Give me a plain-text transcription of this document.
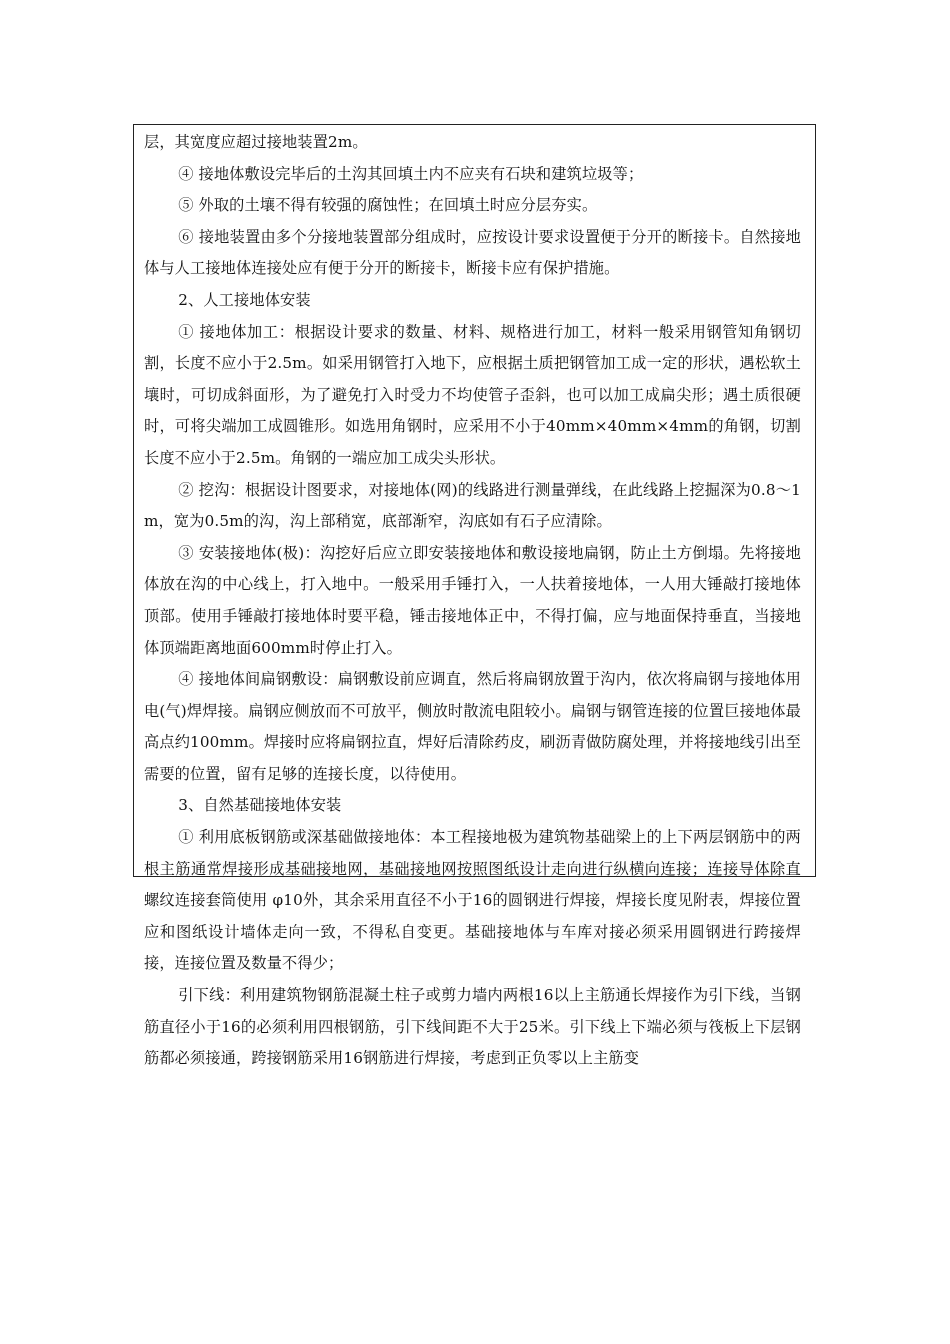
层，其宽度应超过接地装置2m。

④ 接地体敷设完毕后的土沟其回填土内不应夹有石块和建筑垃圾等；

⑤ 外取的土壤不得有较强的腐蚀性；在回填土时应分层夯实。

⑥ 接地装置由多个分接地装置部分组成时，应按设计要求设置便于分开的断接卡。自然接地体与人工接地体连接处应有便于分开的断接卡，断接卡应有保护措施。

2、人工接地体安装

① 接地体加工：根据设计要求的数量、材料、规格进行加工，材料一般采用钢管知角钢切割，长度不应小于2.5m。如采用钢管打入地下，应根据土质把钢管加工成一定的形状，遇松软土壤时，可切成斜面形，为了避免打入时受力不均使管子歪斜，也可以加工成扁尖形；遇土质很硬时，可将尖端加工成圆锥形。如选用角钢时，应采用不小于40mm×40mm×4mm的角钢，切割长度不应小于2.5m。角钢的一端应加工成尖头形状。

② 挖沟：根据设计图要求，对接地体(网)的线路进行测量弹线，在此线路上挖掘深为0.8～1m，宽为0.5m的沟，沟上部稍宽，底部渐窄，沟底如有石子应清除。

③ 安装接地体(极)：沟挖好后应立即安装接地体和敷设接地扁钢，防止土方倒塌。先将接地体放在沟的中心线上，打入地中。一般采用手锤打入，一人扶着接地体，一人用大锤敲打接地体顶部。使用手锤敲打接地体时要平稳，锤击接地体正中，不得打偏，应与地面保持垂直，当接地体顶端距离地面600mm时停止打入。

④ 接地体间扁钢敷设：扁钢敷设前应调直，然后将扁钢放置于沟内，依次将扁钢与接地体用电(气)焊焊接。扁钢应侧放而不可放平，侧放时散流电阻较小。扁钢与钢管连接的位置巨接地体最高点约100mm。焊接时应将扁钢拉直，焊好后清除药皮，刷沥青做防腐处理，并将接地线引出至需要的位置，留有足够的连接长度，以待使用。

3、自然基础接地体安装

① 利用底板钢筋或深基础做接地体：本工程接地极为建筑物基础梁上的上下两层钢筋中的两根主筋通常焊接形成基础接地网，基础接地网按照图纸设计走向进行纵横向连接；连接导体除直螺纹连接套筒使用 φ10外，其余采用直径不小于16的圆钢进行焊接，焊接长度见附表，焊接位置应和图纸设计墙体走向一致，不得私自变更。基础接地体与车库对接必须采用圆钢进行跨接焊接，连接位置及数量不得少；

引下线：利用建筑物钢筋混凝土柱子或剪力墙内两根16以上主筋通长焊接作为引下线，当钢筋直径小于16的必须利用四根钢筋，引下线间距不大于25米。引下线上下端必须与筏板上下层钢筋都必须接通，跨接钢筋采用16钢筋进行焊接，考虑到正负零以上主筋变
